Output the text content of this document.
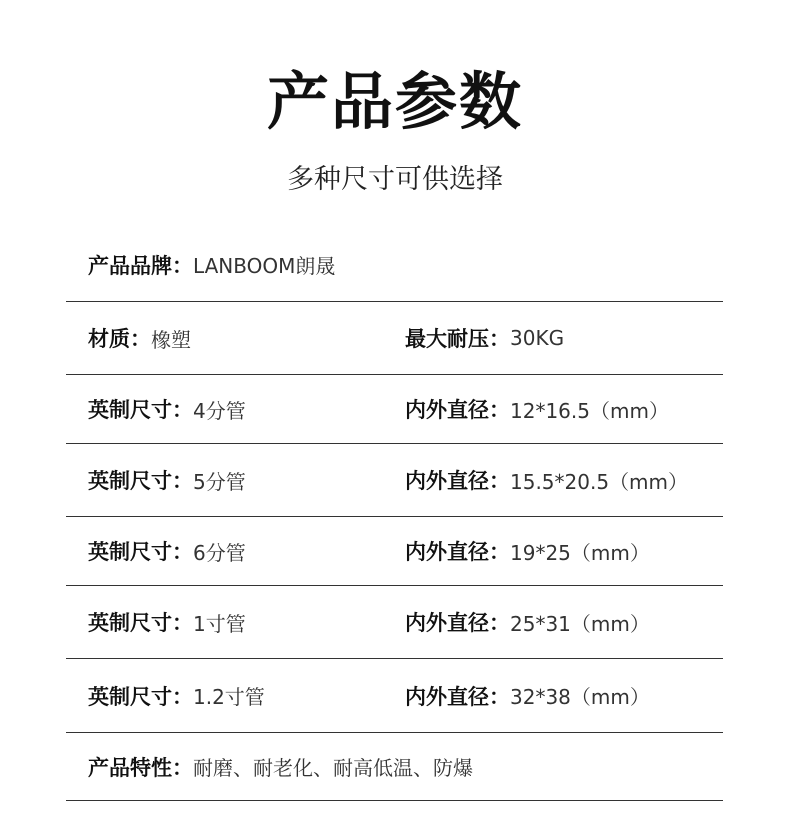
产品参数
多种尺寸可供选择
产品品牌： LANBOOM朗晟
材质： 橡塑	最大耐压： 30KG
英制尺寸： 4分管	内外直径： 12*16.5（mm）
英制尺寸： 5分管	内外直径： 15.5*20.5（mm）
英制尺寸： 6分管	内外直径： 19*25（mm）
英制尺寸： 1寸管	内外直径： 25*31（mm）
英制尺寸： 1.2寸管	内外直径： 32*38（mm）
产品特性： 耐磨、耐老化、耐高低温、防爆
